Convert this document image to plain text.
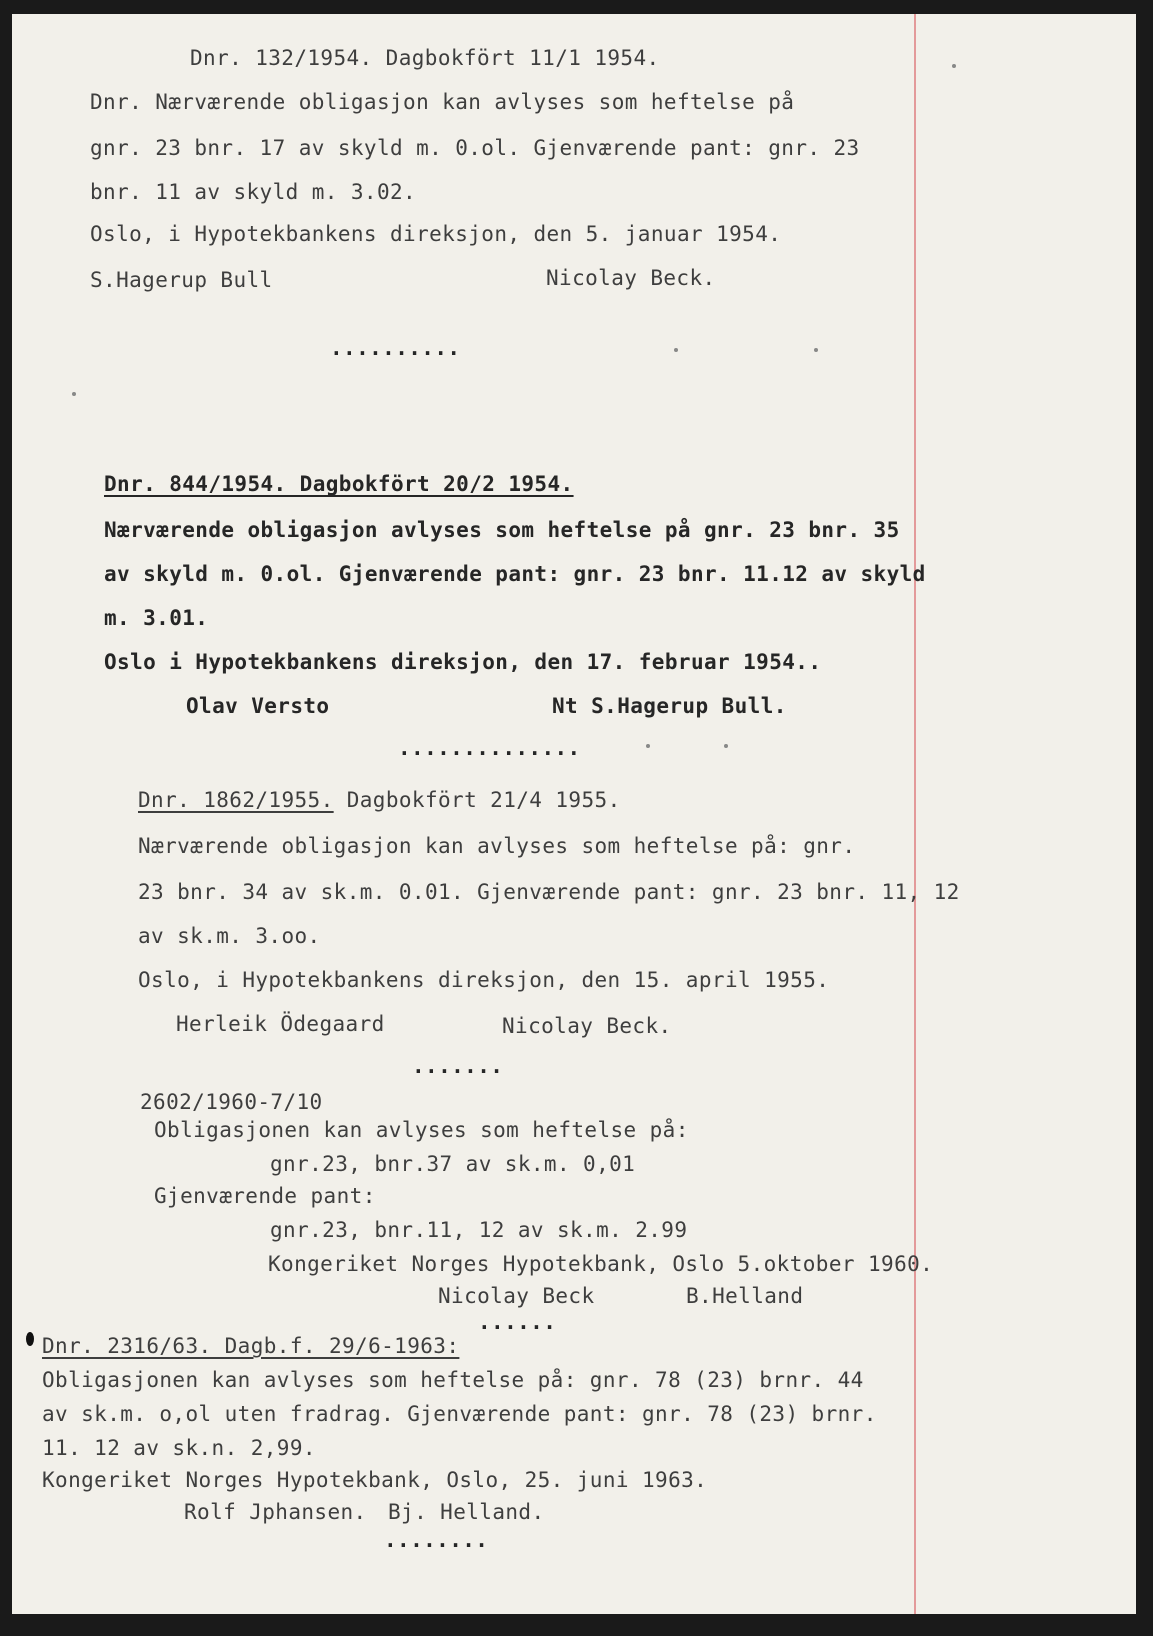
Dnr. 132/1954. Dagbokfört 11/1 1954.
Dnr. Nærværende obligasjon kan avlyses som heftelse på
gnr. 23 bnr. 17 av skyld m. 0.ol. Gjenværende pant: gnr. 23
bnr. 11 av skyld m. 3.02.
Oslo, i Hypotekbankens direksjon, den 5. januar 1954.
S.Hagerup Bull	Nicolay Beck.
..........
Dnr. 844/1954. Dagbokfört 20/2 1954.
Nærværende obligasjon avlyses som heftelse på gnr. 23 bnr. 35
av skyld m. 0.ol. Gjenværende pant: gnr. 23 bnr. 11.12 av skyld
m. 3.01.
Oslo i Hypotekbankens direksjon, den 17. februar 1954..
Olav Versto	Nt S.Hagerup Bull.
..............
Dnr. 1862/1955. Dagbokfört 21/4 1955.
Nærværende obligasjon kan avlyses som heftelse på: gnr.
23 bnr. 34 av sk.m. 0.01. Gjenværende pant: gnr. 23 bnr. 11, 12
av sk.m. 3.oo.
Oslo, i Hypotekbankens direksjon, den 15. april 1955.
Herleik Ödegaard	Nicolay Beck.
.......
2602/1960-7/10
Obligasjonen kan avlyses som heftelse på:
gnr.23, bnr.37 av sk.m. 0,01
Gjenværende pant:
gnr.23, bnr.11, 12 av sk.m. 2.99
Kongeriket Norges Hypotekbank, Oslo 5.oktober 1960.
Nicolay Beck	B.Helland
......
Dnr. 2316/63. Dagb.f. 29/6-1963:
Obligasjonen kan avlyses som heftelse på: gnr. 78 (23) brnr. 44
av sk.m. o,ol uten fradrag. Gjenværende pant: gnr. 78 (23) brnr.
11. 12 av sk.n. 2,99.
Kongeriket Norges Hypotekbank, Oslo, 25. juni 1963.
Rolf Jphansen. Bj. Helland.
........
